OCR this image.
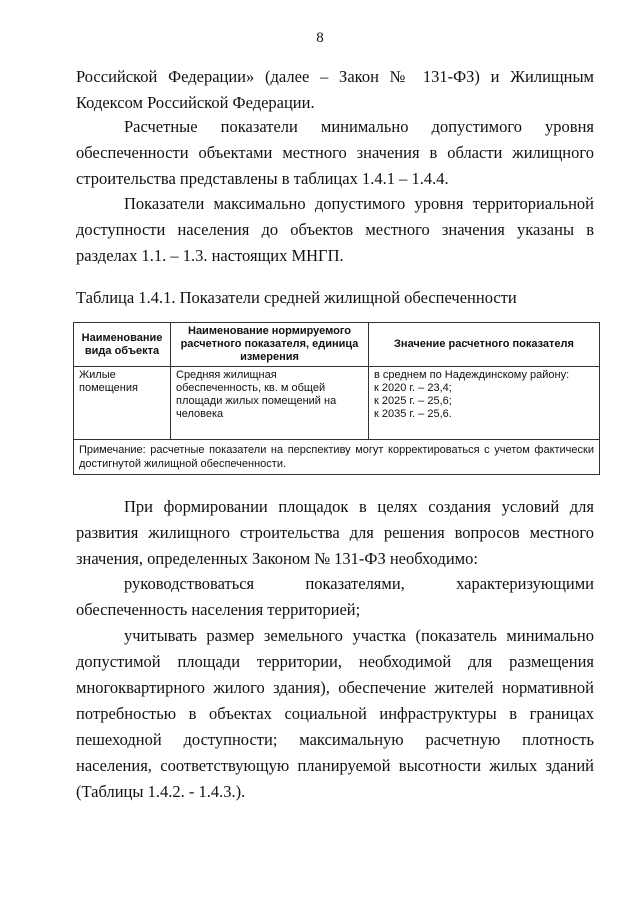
8

Российской Федерации» (далее – Закон № 131-ФЗ) и Жилищным Кодексом Российской Федерации.

Расчетные показатели минимально допустимого уровня обеспеченности объектами местного значения в области жилищного строительства представлены в таблицах 1.4.1 – 1.4.4.

Показатели максимально допустимого уровня территориальной доступности населения до объектов местного значения указаны в разделах 1.1. – 1.3. настоящих МНГП.

Таблица 1.4.1. Показатели средней жилищной обеспеченности

Наименование вида объекта	Наименование нормируемого расчетного показателя, единица измерения	Значение расчетного показателя
Жилые помещения	Средняя жилищная обеспеченность, кв. м общей площади жилых помещений на человека	в среднем по Надеждинскому району:
к 2020 г. – 23,4;
к 2025 г. – 25,6;
к 2035 г. – 25,6.

Примечание: расчетные показатели на перспективу могут корректироваться с учетом фактически достигнутой жилищной обеспеченности.		

При формировании площадок в целях создания условий для развития жилищного строительства для решения вопросов местного значения, определенных Законом № 131-ФЗ необходимо:

руководствоваться показателями, характеризующими обеспеченность населения территорией;

учитывать размер земельного участка (показатель минимально допустимой площади территории, необходимой для размещения многоквартирного жилого здания), обеспечение жителей нормативной потребностью в объектах социальной инфраструктуры в границах пешеходной доступности; максимальную расчетную плотность населения, соответствующую планируемой высотности жилых зданий (Таблицы 1.4.2. - 1.4.3.).
